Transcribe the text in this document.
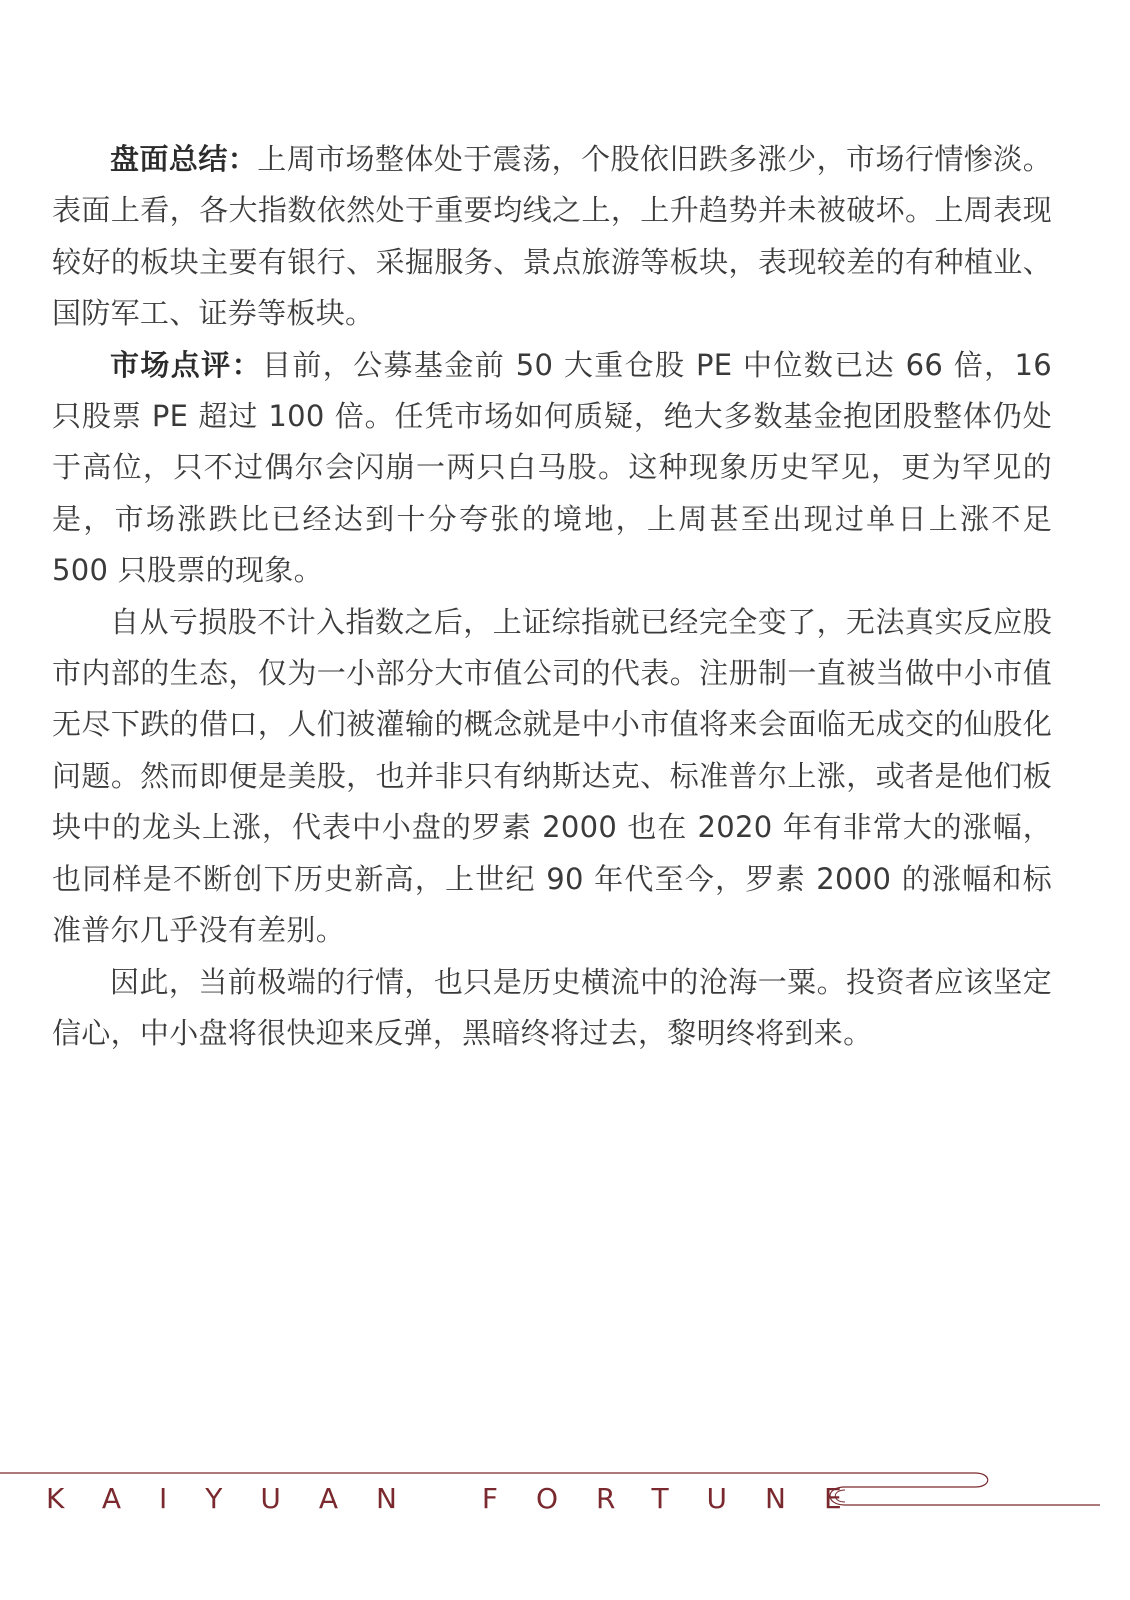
盘面总结：上周市场整体处于震荡，个股依旧跌多涨少，市场行情惨淡。表面上看，各大指数依然处于重要均线之上，上升趋势并未被破坏。上周表现较好的板块主要有银行、采掘服务、景点旅游等板块，表现较差的有种植业、国防军工、证券等板块。

市场点评：目前，公募基金前 50 大重仓股 PE 中位数已达 66 倍，16 只股票 PE 超过 100 倍。任凭市场如何质疑，绝大多数基金抱团股整体仍处于高位，只不过偶尔会闪崩一两只白马股。这种现象历史罕见，更为罕见的是，市场涨跌比已经达到十分夸张的境地，上周甚至出现过单日上涨不足 500 只股票的现象。

自从亏损股不计入指数之后，上证综指就已经完全变了，无法真实反应股市内部的生态，仅为一小部分大市值公司的代表。注册制一直被当做中小市值无尽下跌的借口，人们被灌输的概念就是中小市值将来会面临无成交的仙股化问题。然而即便是美股，也并非只有纳斯达克、标准普尔上涨，或者是他们板块中的龙头上涨，代表中小盘的罗素 2000 也在 2020 年有非常大的涨幅，也同样是不断创下历史新高，上世纪 90 年代至今，罗素 2000 的涨幅和标准普尔几乎没有差别。

因此，当前极端的行情，也只是历史横流中的沧海一粟。投资者应该坚定信心，中小盘将很快迎来反弹，黑暗终将过去，黎明终将到来。

KAIYUAN FORTUNE
